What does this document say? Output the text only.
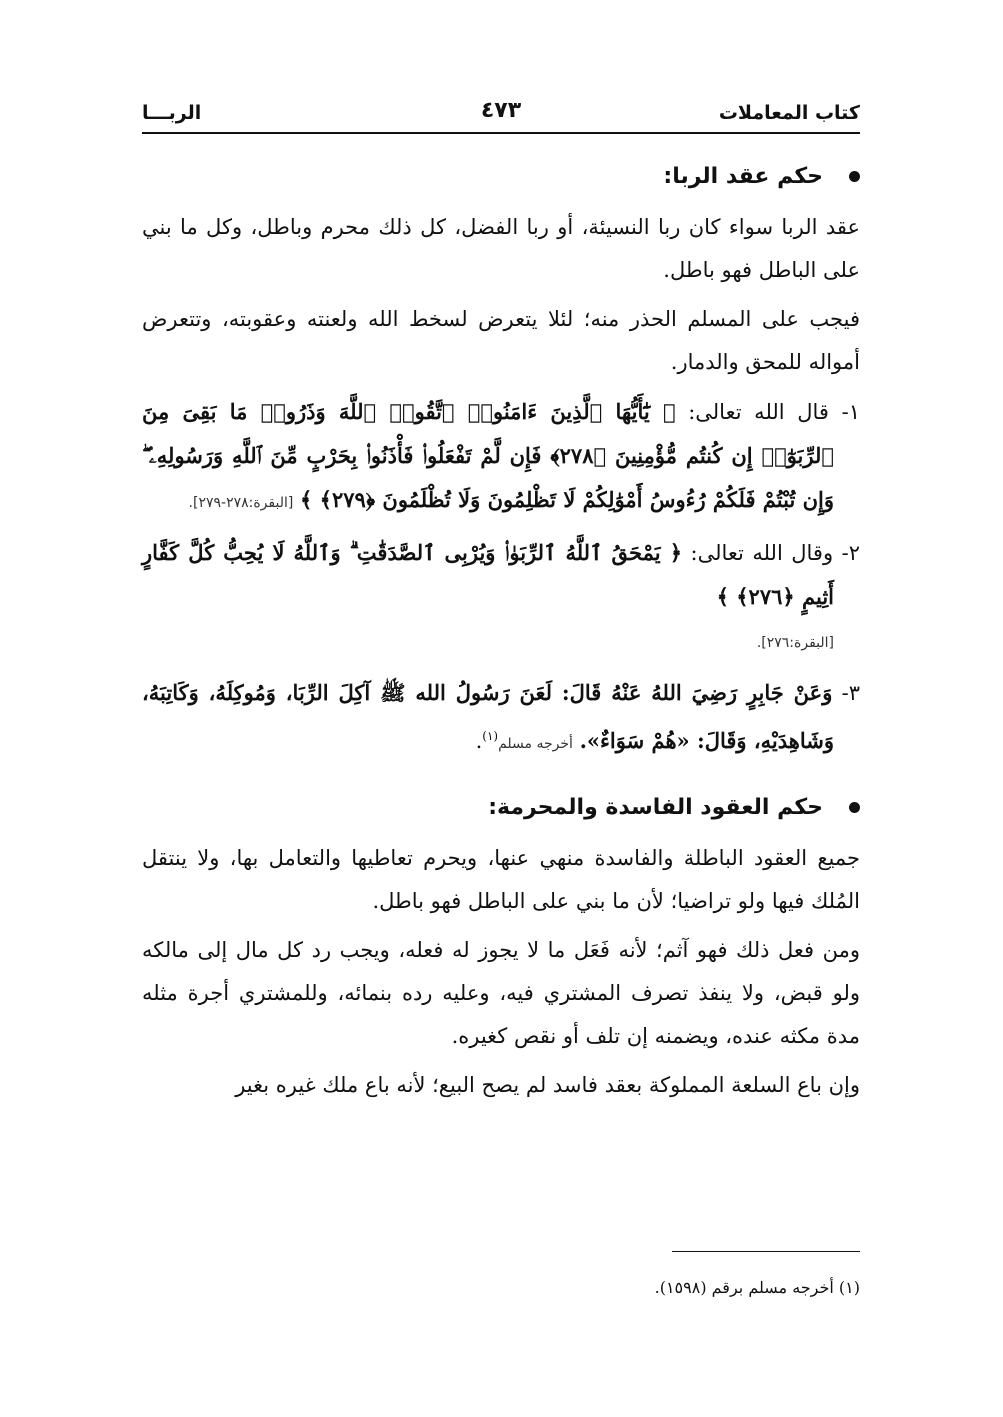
كتاب المعاملات
٤٧٣
الربـــا
حكم عقد الربا:

عقد الربا سواء كان ربا النسيئة، أو ربا الفضل، كل ذلك محرم وباطل، وكل ما بني على الباطل فهو باطل.

فيجب على المسلم الحذر منه؛ لئلا يتعرض لسخط الله ولعنته وعقوبته، وتتعرض أمواله للمحق والدمار.

١- قال الله تعالى: ﴿ يَٰٓأَيُّهَا ٱلَّذِينَ ءَامَنُوا۟ ٱتَّقُوا۟ ٱللَّهَ وَذَرُوا۟ مَا بَقِىَ مِنَ ٱلرِّبَوٰٓا۟ إِن كُنتُم مُّؤْمِنِينَ ﴿٢٧٨﴾ فَإِن لَّمْ تَفْعَلُوا۟ فَأْذَنُوا۟ بِحَرْبٍ مِّنَ ٱللَّهِ وَرَسُولِهِۦ ۖ وَإِن تُبْتُمْ فَلَكُمْ رُءُوسُ أَمْوَٰلِكُمْ لَا تَظْلِمُونَ وَلَا تُظْلَمُونَ ﴿٢٧٩﴾ ﴾ [البقرة:٢٧٨-٢٧٩].

٢- وقال الله تعالى: ﴿ يَمْحَقُ ٱللَّهُ ٱلرِّبَوٰا۟ وَيُرْبِى ٱلصَّدَقَٰتِ ۗ وَٱللَّهُ لَا يُحِبُّ كُلَّ كَفَّارٍ أَثِيمٍ ﴿٢٧٦﴾ ﴾
[البقرة:٢٧٦].

٣- وَعَنْ جَابِرٍ رَضِيَ اللهُ عَنْهُ قَالَ: لَعَنَ رَسُولُ الله ﷺ آكِلَ الرِّبَا، وَمُوكِلَهُ، وَكَاتِبَهُ، وَشَاهِدَيْهِ، وَقَالَ: «هُمْ سَوَاءٌ». أخرجه مسلم$^{(١)}$.

حكم العقود الفاسدة والمحرمة:

جميع العقود الباطلة والفاسدة منهي عنها، ويحرم تعاطيها والتعامل بها، ولا ينتقل المُلك فيها ولو تراضيا؛ لأن ما بني على الباطل فهو باطل.

ومن فعل ذلك فهو آثم؛ لأنه فَعَل ما لا يجوز له فعله، ويجب رد كل مال إلى مالكه ولو قبض، ولا ينفذ تصرف المشتري فيه، وعليه رده بنمائه، وللمشتري أجرة مثله مدة مكثه عنده، ويضمنه إن تلف أو نقص كغيره.

وإن باع السلعة المملوكة بعقد فاسد لم يصح البيع؛ لأنه باع ملك غيره بغير

(١) أخرجه مسلم برقم (١٥٩٨).
